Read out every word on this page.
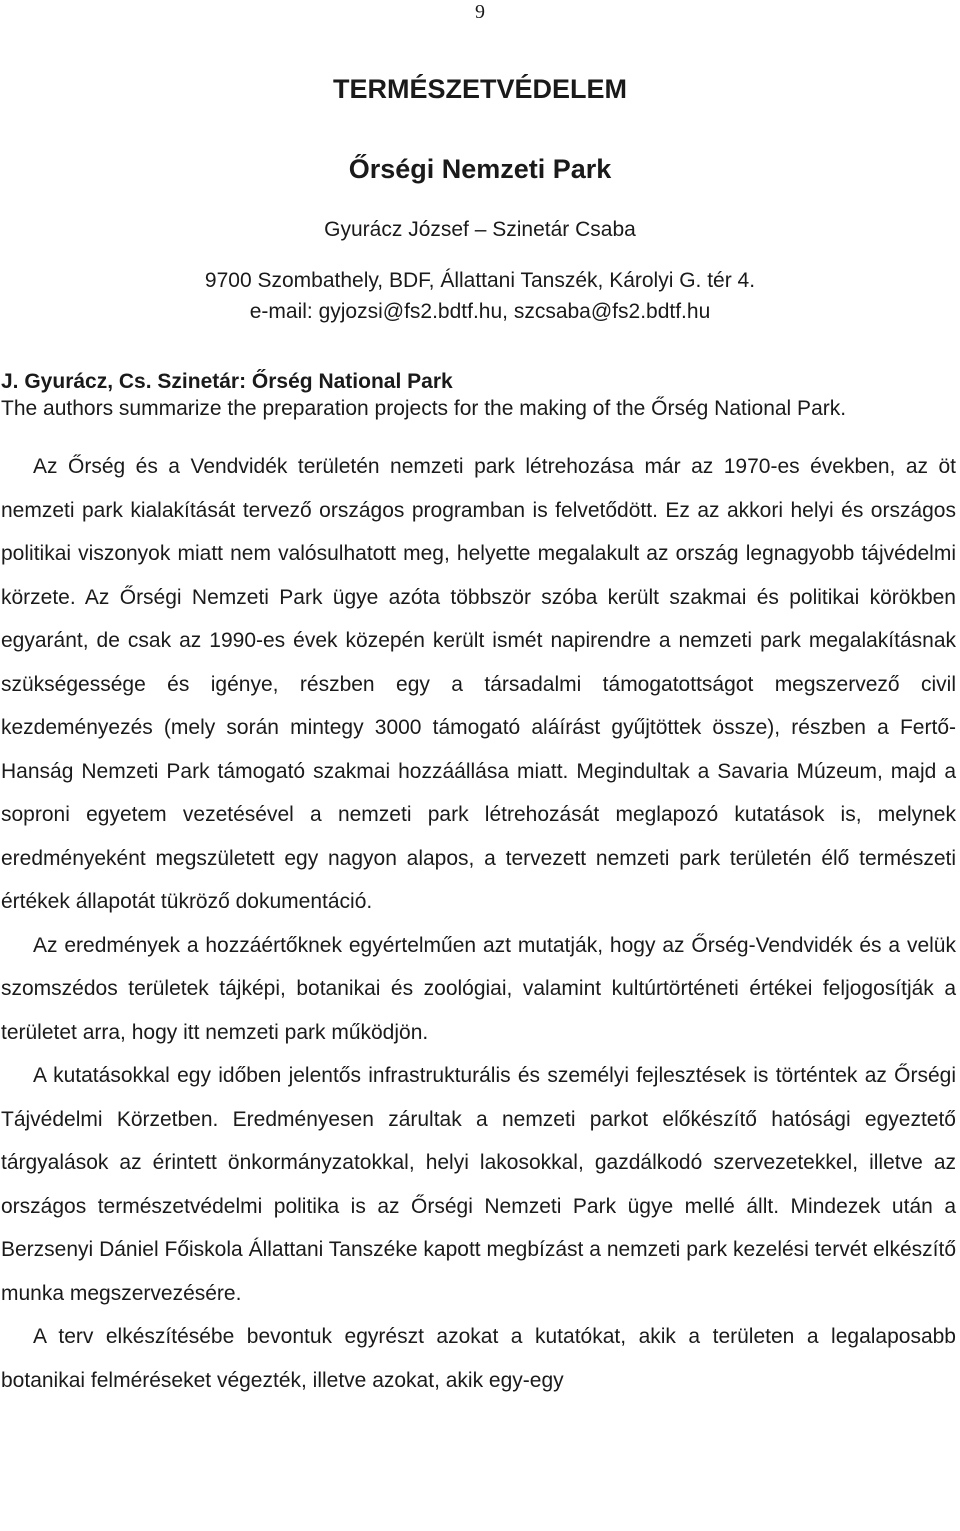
9
TERMÉSZETVÉDELEM
Őrségi Nemzeti Park
Gyurácz József – Szinetár Csaba
9700 Szombathely, BDF, Állattani Tanszék, Károlyi G. tér 4.
e-mail: gyjozsi@fs2.bdtf.hu, szcsaba@fs2.bdtf.hu
J. Gyurácz, Cs. Szinetár: Őrség National Park
The authors summarize the preparation projects for the making of the Őrség National Park.

Az Őrség és a Vendvidék területén nemzeti park létrehozása már az 1970-es években, az öt nemzeti park kialakítását tervező országos programban is felvetődött. Ez az akkori helyi és országos politikai viszonyok miatt nem valósulhatott meg, helyette megalakult az ország legnagyobb tájvédelmi körzete. Az Őrségi Nemzeti Park ügye azóta többször szóba került szakmai és politikai körökben egyaránt, de csak az 1990-es évek közepén került ismét napirendre a nemzeti park megalakításnak szükségessége és igénye, részben egy a társadalmi támogatottságot megszervező civil kezdeményezés (mely során mintegy 3000 támogató aláírást gyűjtöttek össze), részben a Fertő-Hanság Nemzeti Park támogató szakmai hozzáállása miatt. Megindultak a Savaria Múzeum, majd a soproni egyetem vezetésével a nemzeti park létrehozását meglapozó kutatások is, melynek eredményeként megszületett egy nagyon alapos, a tervezett nemzeti park területén élő természeti értékek állapotát tükröző dokumentáció.

Az eredmények a hozzáértőknek egyértelműen azt mutatják, hogy az Őrség-Vendvidék és a velük szomszédos területek tájképi, botanikai és zoológiai, valamint kultúrtörténeti értékei feljogosítják a területet arra, hogy itt nemzeti park működjön.

A kutatásokkal egy időben jelentős infrastrukturális és személyi fejlesztések is történtek az Őrségi Tájvédelmi Körzetben. Eredményesen zárultak a nemzeti parkot előkészítő hatósági egyeztető tárgyalások az érintett önkormányzatokkal, helyi lakosokkal, gazdálkodó szervezetekkel, illetve az országos természetvédelmi politika is az Őrségi Nemzeti Park ügye mellé állt. Mindezek után a Berzsenyi Dániel Főiskola Állattani Tanszéke kapott megbízást a nemzeti park kezelési tervét elkészítő munka megszervezésére.

A terv elkészítésébe bevontuk egyrészt azokat a kutatókat, akik a területen a legalaposabb botanikai felméréseket végezték, illetve azokat, akik egy-egy
